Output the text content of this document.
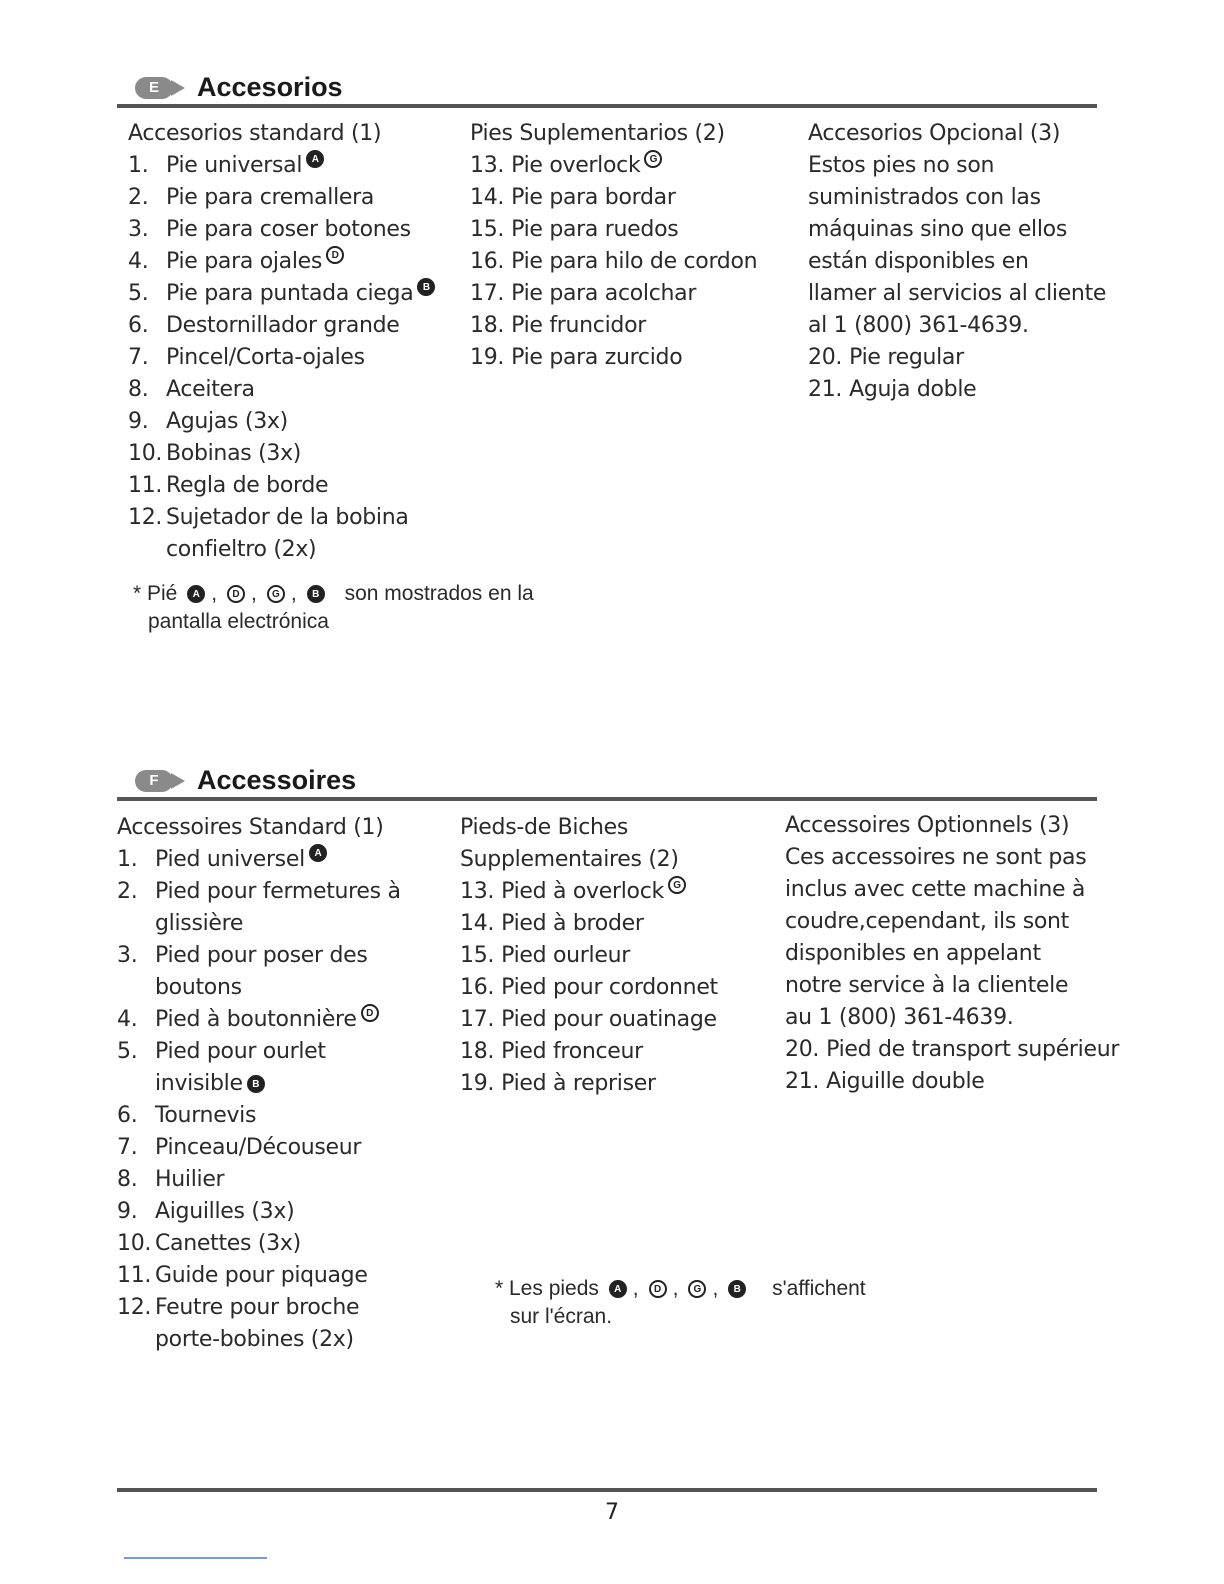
E	Accesorios
Accesorios standard (1)
1. Pie universal A
2. Pie para cremallera
3. Pie para coser botones
4. Pie para ojales D
5. Pie para puntada ciega B
6. Destornillador grande
7. Pincel/Corta-ojales
8. Aceitera
9. Agujas (3x)
10. Bobinas (3x)
11. Regla de borde
12. Sujetador de la bobina
confieltro (2x)
Pies Suplementarios (2)
13. Pie overlock G
14. Pie para bordar
15. Pie para ruedos
16. Pie para hilo de cordon
17. Pie para acolchar
18. Pie fruncidor
19. Pie para zurcido
Accesorios Opcional (3)
Estos pies no son
suministrados con las
máquinas sino que ellos
están disponibles en
llamer al servicios al cliente
al 1 (800) 361-4639.
20. Pie regular
21. Aguja doble
* Pié A , D , G , B son mostrados en la
pantalla electrónica
F	Accessoires
Accessoires Standard (1)
1. Pied universel A
2. Pied pour fermetures à
glissière
3. Pied pour poser des
boutons
4. Pied à boutonnière D
5. Pied pour ourlet
invisible B
6. Tournevis
7. Pinceau/Découseur
8. Huilier
9. Aiguilles (3x)
10. Canettes (3x)
11. Guide pour piquage
12. Feutre pour broche
porte-bobines (2x)
Pieds-de Biches
Supplementaires (2)
13. Pied à overlock G
14. Pied à broder
15. Pied ourleur
16. Pied pour cordonnet
17. Pied pour ouatinage
18. Pied fronceur
19. Pied à repriser
Accessoires Optionnels (3)
Ces accessoires ne sont pas
inclus avec cette machine à
coudre,cependant, ils sont
disponibles en appelant
notre service à la clientele
au 1 (800) 361-4639.
20. Pied de transport supérieur
21. Aiguille double
* Les pieds A , D , G , B s'affichent
sur l'écran.
7
